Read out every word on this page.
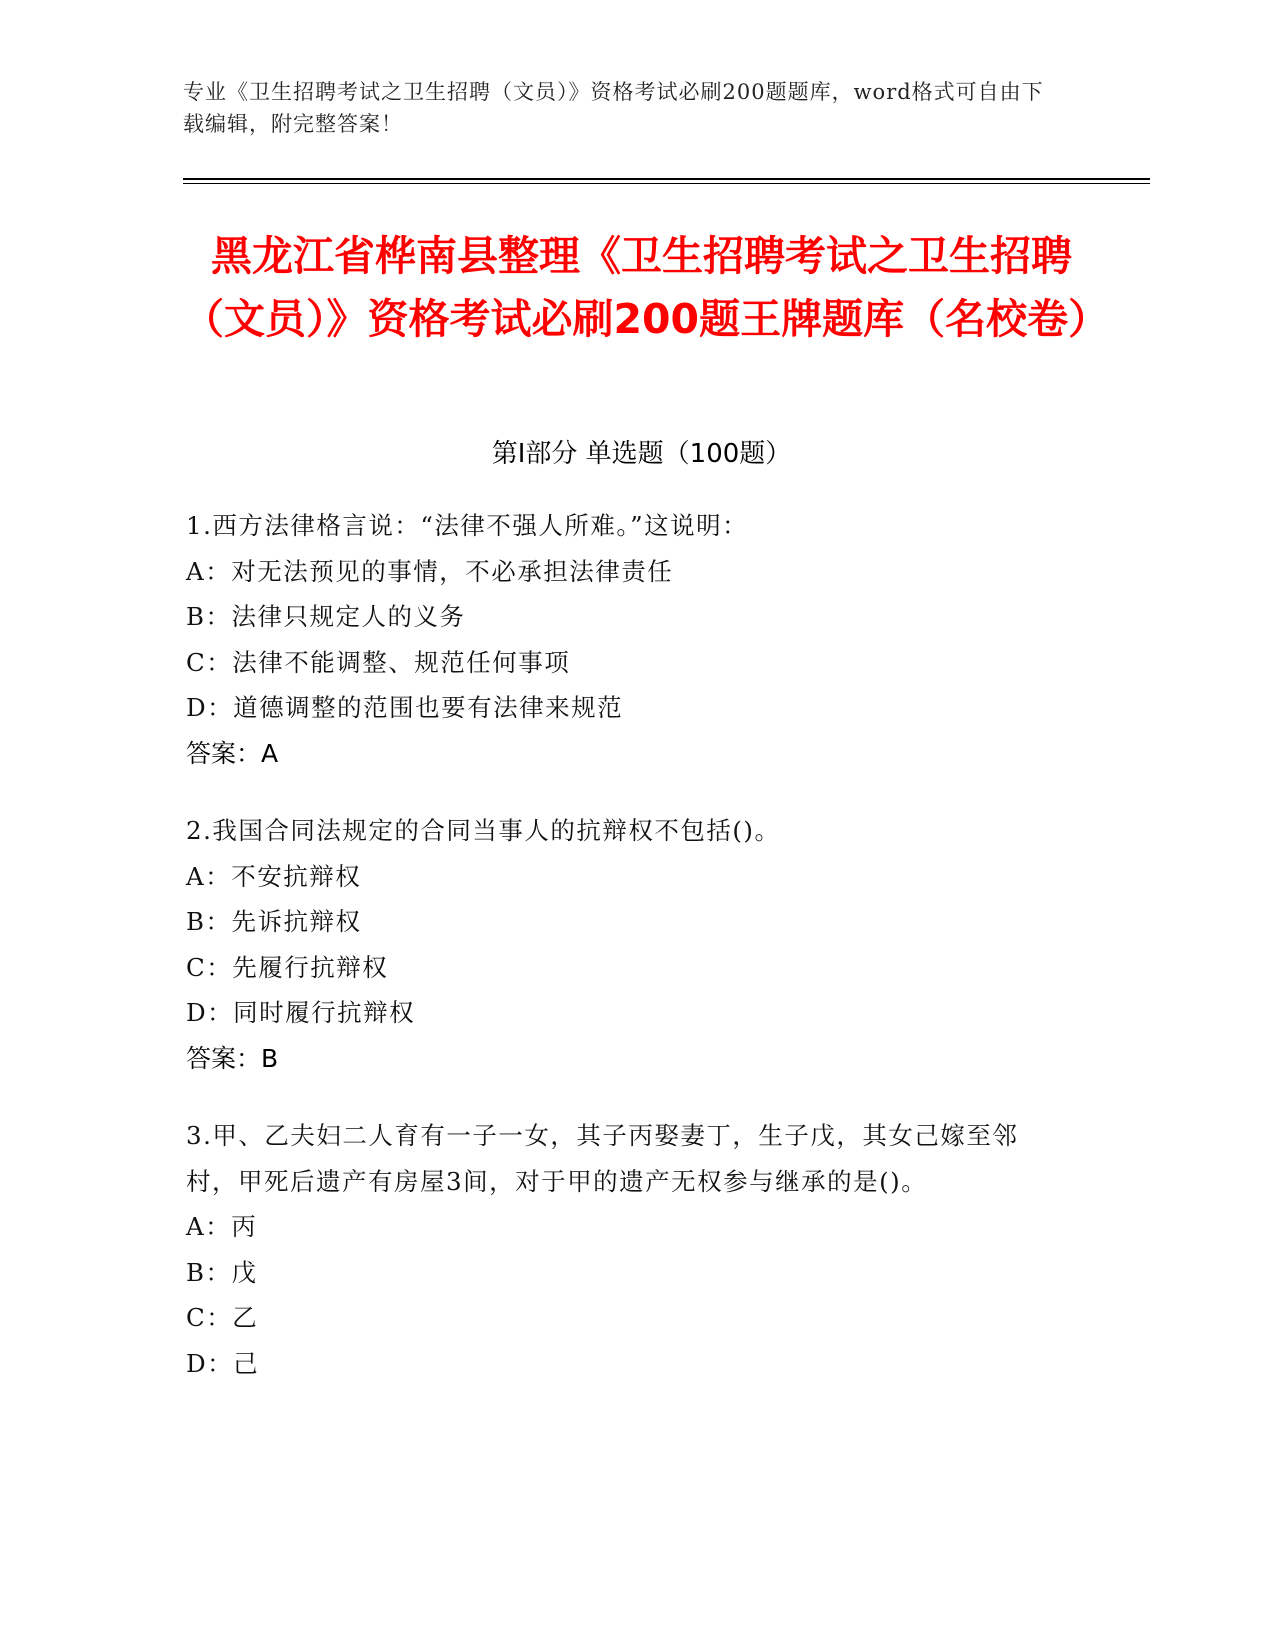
专业《卫生招聘考试之卫生招聘（文员）》资格考试必刷200题题库，word格式可自由下载编辑，附完整答案！
黑龙江省桦南县整理《卫生招聘考试之卫生招聘（文员）》资格考试必刷200题王牌题库（名校卷）
第Ⅰ部分 单选题（100题）

1.西方法律格言说：“法律不强人所难。”这说明：

A：对无法预见的事情，不必承担法律责任

B：法律只规定人的义务

C：法律不能调整、规范任何事项

D：道德调整的范围也要有法律来规范

答案：A

2.我国合同法规定的合同当事人的抗辩权不包括()。

A：不安抗辩权

B：先诉抗辩权

C：先履行抗辩权

D：同时履行抗辩权

答案：B

3.甲、乙夫妇二人育有一子一女，其子丙娶妻丁，生子戊，其女己嫁至邻村，甲死后遗产有房屋3间，对于甲的遗产无权参与继承的是()。

A：丙

B：戊

C：乙

D：己
